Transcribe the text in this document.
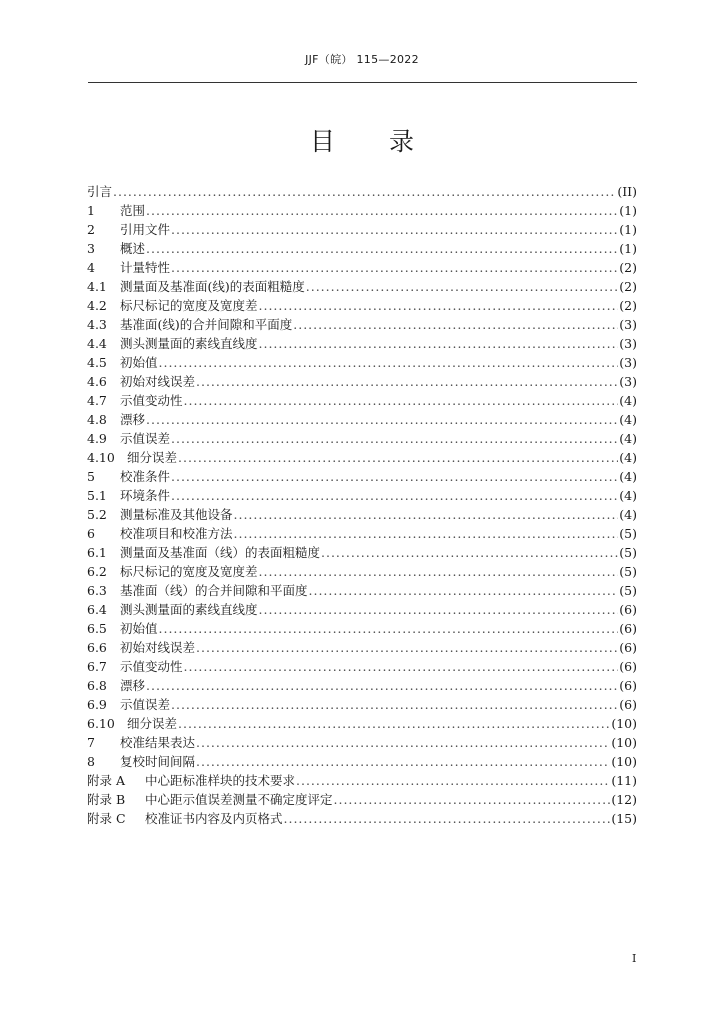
JJF（皖） 115—2022
目录
引言 .....	(II)
1	范围 .....	(1)
2	引用文件 .....	(1)
3	概述 .....	(1)
4	计量特性 .....	(2)
4.1	测量面及基准面(线)的表面粗糙度 .....	(2)
4.2	标尺标记的宽度及宽度差 .....	(2)
4.3	基准面(线)的合并间隙和平面度 .....	(3)
4.4	测头测量面的素线直线度 .....	(3)
4.5	初始值 .....	(3)
4.6	初始对线误差 .....	(3)
4.7	示值变动性 .....	(4)
4.8	漂移 .....	(4)
4.9	示值误差 .....	(4)
4.10 细分误差 .....	(4)
5	校准条件 .....	(4)
5.1	环境条件 .....	(4)
5.2	测量标准及其他设备 .....	(4)
6	校准项目和校准方法 .....	(5)
6.1	测量面及基准面（线）的表面粗糙度 .....	(5)
6.2	标尺标记的宽度及宽度差 .....	(5)
6.3	基准面（线）的合并间隙和平面度 .....	(5)
6.4	测头测量面的素线直线度 .....	(6)
6.5	初始值 .....	(6)
6.6	初始对线误差 .....	(6)
6.7	示值变动性 .....	(6)
6.8	漂移 .....	(6)
6.9	示值误差 .....	(6)
6.10 细分误差 .....	(10)
7	校准结果表达 .....	(10)
8	复校时间间隔 .....	(10)
附录 A	中心距标准样块的技术要求 .....	(11)
附录 B	中心距示值误差测量不确定度评定 .....	(12)
附录 C	校准证书内容及内页格式 .....	(15)
I
